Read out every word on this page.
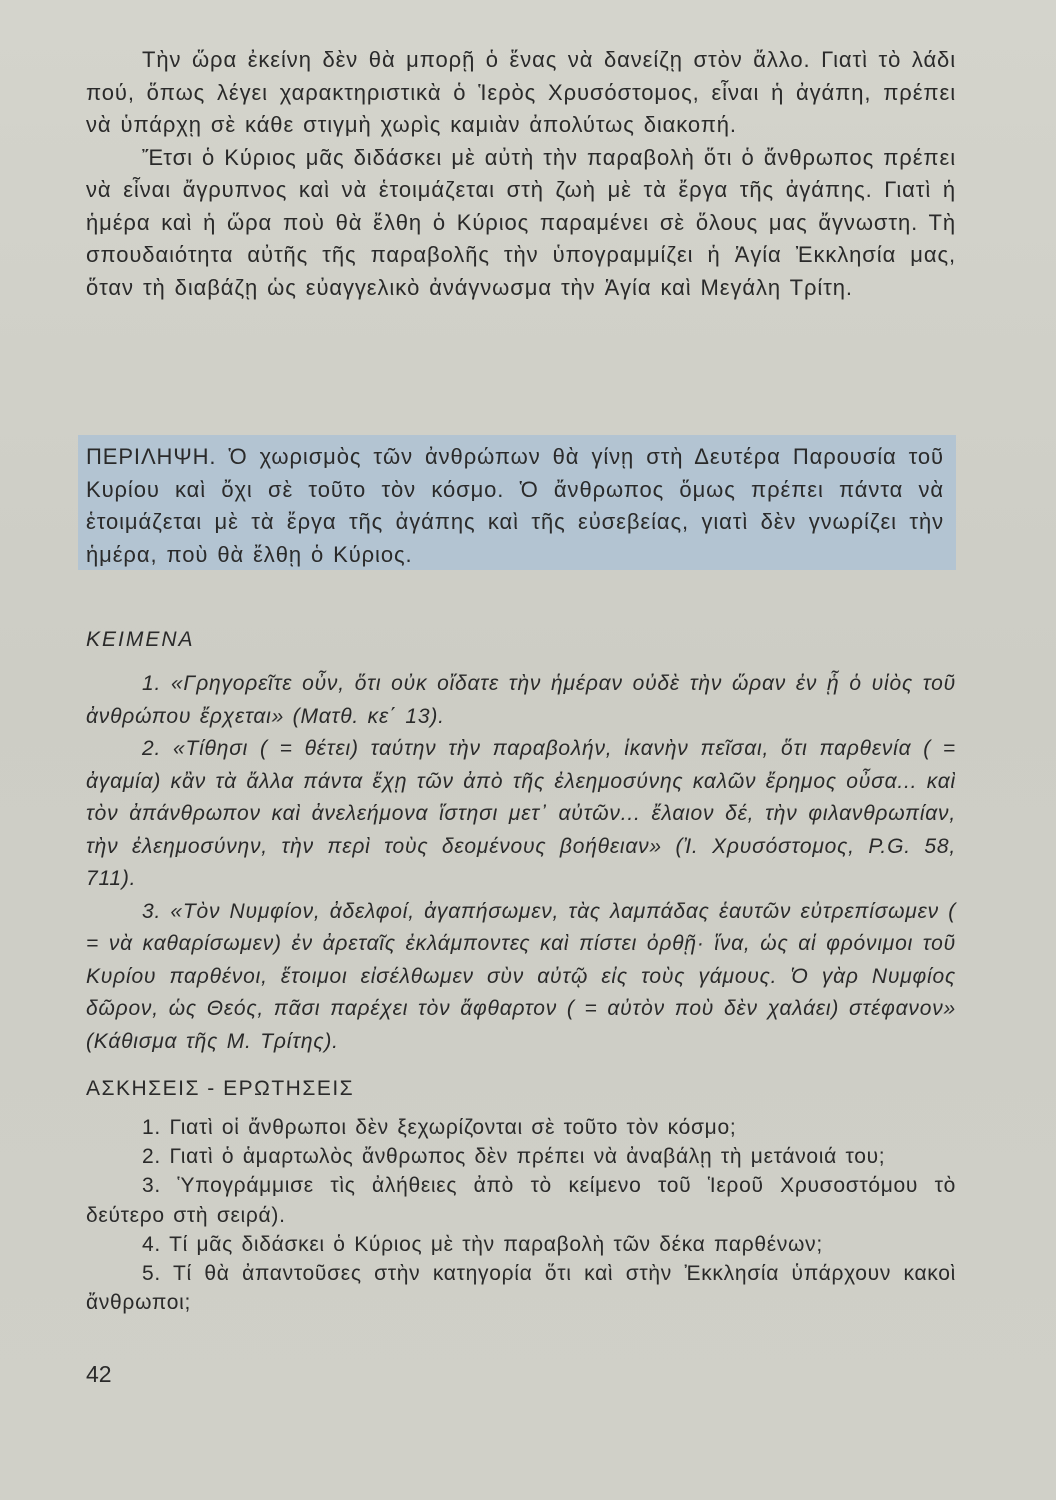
Τὴν ὥρα ἐκείνη δὲν θὰ μπορῇ ὁ ἕνας νὰ δανείζῃ στὸν ἄλλο. Γιατὶ τὸ λάδι πού, ὅπως λέγει χαρακτηριστικὰ ὁ Ἱερὸς Χρυσόστομος, εἶναι ἡ ἀγάπη, πρέπει νὰ ὑπάρχῃ σὲ κάθε στιγμὴ χωρὶς καμιὰν ἀπολύτως διακοπή.

Ἔτσι ὁ Κύριος μᾶς διδάσκει μὲ αὐτὴ τὴν παραβολὴ ὅτι ὁ ἄνθρωπος πρέπει νὰ εἶναι ἄγρυπνος καὶ νὰ ἑτοιμάζεται στὴ ζωὴ μὲ τὰ ἔργα τῆς ἀγάπης. Γιατὶ ἡ ἡμέρα καὶ ἡ ὥρα ποὺ θὰ ἔλθη ὁ Κύριος παραμένει σὲ ὅλους μας ἄγνωστη. Τὴ σπουδαιότητα αὐτῆς τῆς παραβολῆς τὴν ὑπογραμμίζει ἡ Ἁγία Ἐκκλησία μας, ὅταν τὴ διαβάζῃ ὡς εὐαγγελικὸ ἀνάγνωσμα τὴν Ἁγία καὶ Μεγάλη Τρίτη.

ΠΕΡΙΛΗΨΗ. Ὁ χωρισμὸς τῶν ἀνθρώπων θὰ γίνῃ στὴ Δευτέρα Παρουσία τοῦ Κυρίου καὶ ὄχι σὲ τοῦτο τὸν κόσμο. Ὁ ἄνθρωπος ὅμως πρέπει πάντα νὰ ἑτοιμάζεται μὲ τὰ ἔργα τῆς ἀγάπης καὶ τῆς εὐσεβείας, γιατὶ δὲν γνωρίζει τὴν ἡμέρα, ποὺ θὰ ἔλθῃ ὁ Κύριος.

ΚΕΙΜΕΝΑ

1. «Γρηγορεῖτε οὖν, ὅτι οὐκ οἴδατε τὴν ἡμέραν οὐδὲ τὴν ὥραν ἐν ᾗ ὁ υἱὸς τοῦ ἀνθρώπου ἔρχεται» (Ματθ. κε΄ 13).

2. «Τίθησι ( = θέτει) ταύτην τὴν παραβολήν, ἱκανὴν πεῖσαι, ὅτι παρθενία ( = ἀγαμία) κἂν τὰ ἄλλα πάντα ἔχῃ τῶν ἀπὸ τῆς ἐλεημοσύνης καλῶν ἔρημος οὖσα... καὶ τὸν ἀπάνθρωπον καὶ ἀνελεήμονα ἵστησι μετ᾽ αὐτῶν... ἔλαιον δέ, τὴν φιλανθρωπίαν, τὴν ἐλεημοσύνην, τὴν περὶ τοὺς δεομένους βοήθειαν» (Ἰ. Χρυσόστομος, P.G. 58, 711).

3. «Τὸν Νυμφίον, ἀδελφοί, ἀγαπήσωμεν, τὰς λαμπάδας ἑαυτῶν εὐτρεπίσωμεν ( = νὰ καθαρίσωμεν) ἐν ἀρεταῖς ἐκλάμποντες καὶ πίστει ὀρθῇ· ἵνα, ὡς αἱ φρόνιμοι τοῦ Κυρίου παρθένοι, ἕτοιμοι εἰσέλθωμεν σὺν αὐτῷ εἰς τοὺς γάμους. Ὁ γὰρ Νυμφίος δῶρον, ὡς Θεός, πᾶσι παρέχει τὸν ἄφθαρτον ( = αὐτὸν ποὺ δὲν χαλάει) στέφανον» (Κάθισμα τῆς Μ. Τρίτης).

ΑΣΚΗΣΕΙΣ - ΕΡΩΤΗΣΕΙΣ

1. Γιατὶ οἱ ἄνθρωποι δὲν ξεχωρίζονται σὲ τοῦτο τὸν κόσμο;

2. Γιατὶ ὁ ἁμαρτωλὸς ἄνθρωπος δὲν πρέπει νὰ ἀναβάλῃ τὴ μετάνοιά του;

3. Ὑπογράμμισε τὶς ἀλήθειες ἀπὸ τὸ κείμενο τοῦ Ἱεροῦ Χρυσοστόμου τὸ δεύτερο στὴ σειρά).

4. Τί μᾶς διδάσκει ὁ Κύριος μὲ τὴν παραβολὴ τῶν δέκα παρθένων;

5. Τί θὰ ἀπαντοῦσες στὴν κατηγορία ὅτι καὶ στὴν Ἐκκλησία ὑπάρχουν κακοὶ ἄνθρωποι;

42
